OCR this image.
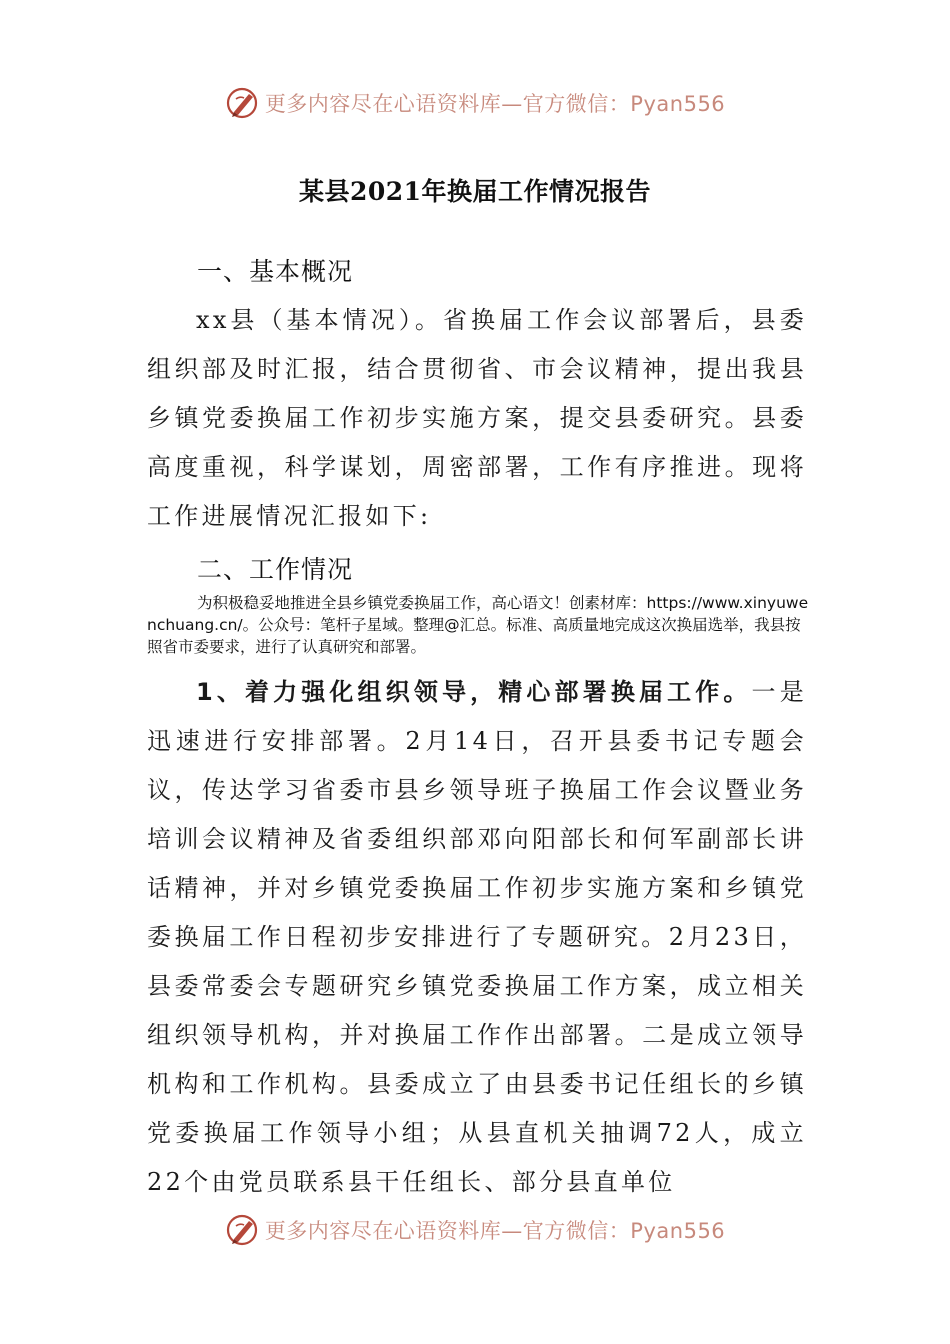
更多内容尽在心语资料库—官方微信：Pyan556
某县2021年换届工作情况报告
一、基本概况

xx县（基本情况）。省换届工作会议部署后，县委组织部及时汇报，结合贯彻省、市会议精神，提出我县乡镇党委换届工作初步实施方案，提交县委研究。县委高度重视，科学谋划，周密部署，工作有序推进。现将工作进展情况汇报如下:

二、工作情况

为积极稳妥地推进全县乡镇党委换届工作，高心语文！创素材库：https://www.xinyuwenchuang.cn/。公众号：笔杆子星域。整理@汇总。标准、高质量地完成这次换届选举，我县按照省市委要求，进行了认真研究和部署。

1、着力强化组织领导，精心部署换届工作。一是迅速进行安排部署。2月14日，召开县委书记专题会议，传达学习省委市县乡领导班子换届工作会议暨业务培训会议精神及省委组织部邓向阳部长和何军副部长讲话精神，并对乡镇党委换届工作初步实施方案和乡镇党委换届工作日程初步安排进行了专题研究。2月23日，县委常委会专题研究乡镇党委换届工作方案，成立相关组织领导机构，并对换届工作作出部署。二是成立领导机构和工作机构。县委成立了由县委书记任组长的乡镇党委换届工作领导小组；从县直机关抽调72人，成立22个由党员联系县干任组长、部分县直单位

更多内容尽在心语资料库—官方微信：Pyan556
